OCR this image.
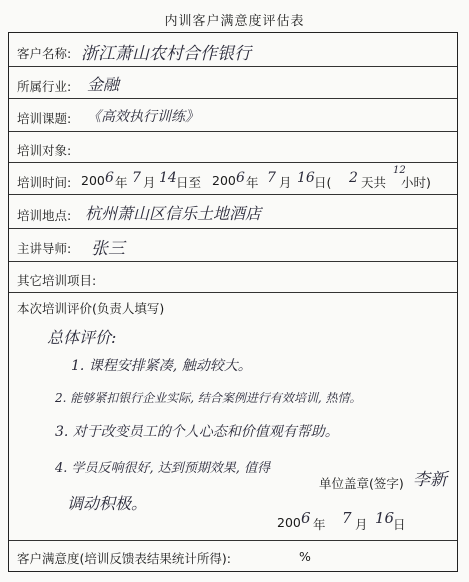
内训客户满意度评估表
客户名称: 浙江萧山农村合作银行
所属行业: 金融
培训课题: 《高效执行训练》
培训对象:
培训时间: 200 6 年 7 月 14 日至 200 6 年 7 月 16 日( 2 天共
12
小时)
培训地点: 杭州萧山区信乐土地酒店
主讲导师: 张三
其它培训项目:
本次培训评价(负责人填写)
总体评价:
1. 课程安排紧凑, 触动较大。
2. 能够紧扣银行企业实际, 结合案例进行有效培训, 热情。
3. 对于改变员工的个人心态和价值观有帮助。
4. 学员反响很好, 达到预期效果, 值得
单位盖章(签字) 李新
调动积极。
200 6 年 7 月 16
日
客户满意度(培训反馈表结果统计所得):	%
